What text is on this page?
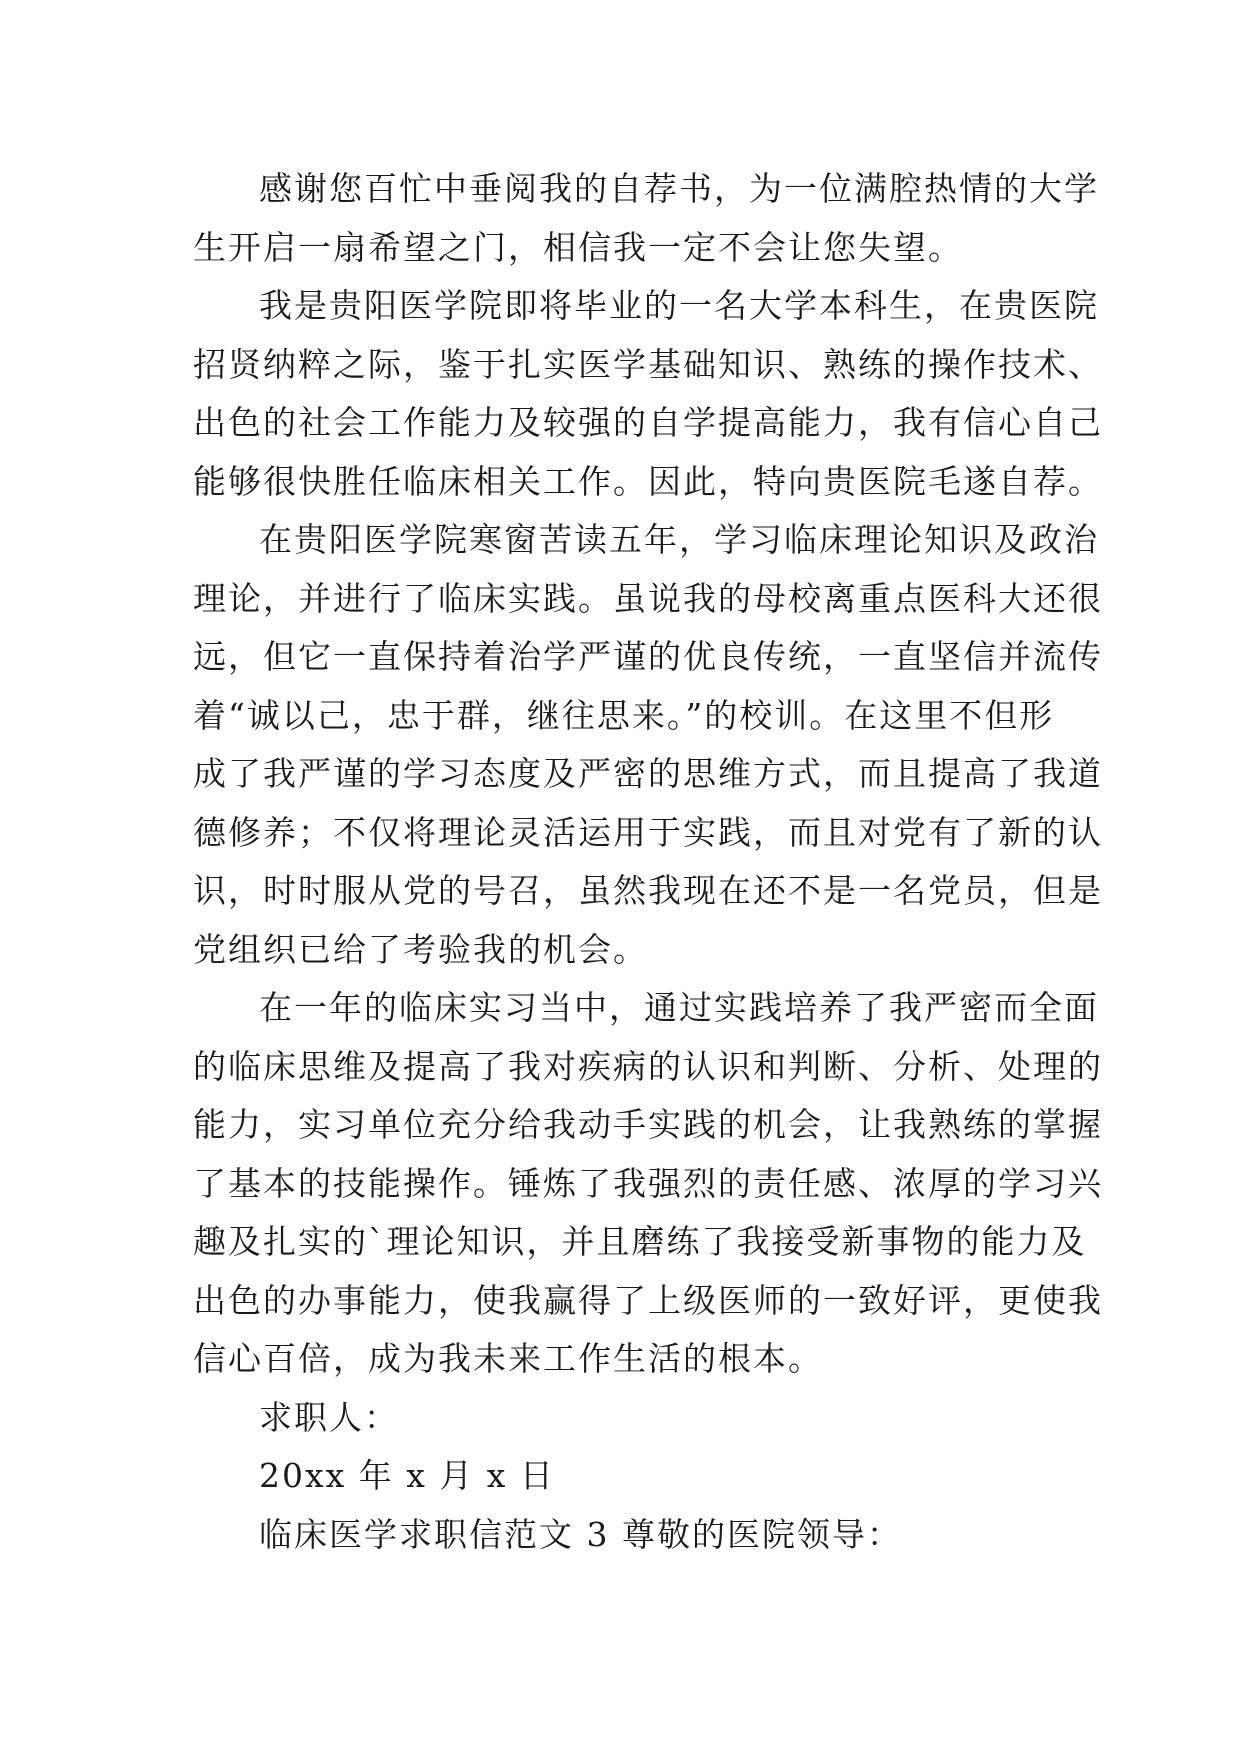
感谢您百忙中垂阅我的自荐书，为一位满腔热情的大学
生开启一扇希望之门，相信我一定不会让您失望。
我是贵阳医学院即将毕业的一名大学本科生，在贵医院
招贤纳粹之际，鉴于扎实医学基础知识、熟练的操作技术、
出色的社会工作能力及较强的自学提高能力，我有信心自己
能够很快胜任临床相关工作。因此，特向贵医院毛遂自荐。
在贵阳医学院寒窗苦读五年，学习临床理论知识及政治
理论，并进行了临床实践。虽说我的母校离重点医科大还很
远，但它一直保持着治学严谨的优良传统，一直坚信并流传
着“诚以己，忠于群，继往思来。”的校训。在这里不但形
成了我严谨的学习态度及严密的思维方式，而且提高了我道
德修养；不仅将理论灵活运用于实践，而且对党有了新的认
识，时时服从党的号召，虽然我现在还不是一名党员，但是
党组织已给了考验我的机会。
在一年的临床实习当中，通过实践培养了我严密而全面
的临床思维及提高了我对疾病的认识和判断、分析、处理的
能力，实习单位充分给我动手实践的机会，让我熟练的掌握
了基本的技能操作。锤炼了我强烈的责任感、浓厚的学习兴
趣及扎实的`理论知识，并且磨练了我接受新事物的能力及
出色的办事能力，使我赢得了上级医师的一致好评，更使我
信心百倍，成为我未来工作生活的根本。
求职人：
20xx 年 x 月 x 日
临床医学求职信范文 3 尊敬的医院领导：
